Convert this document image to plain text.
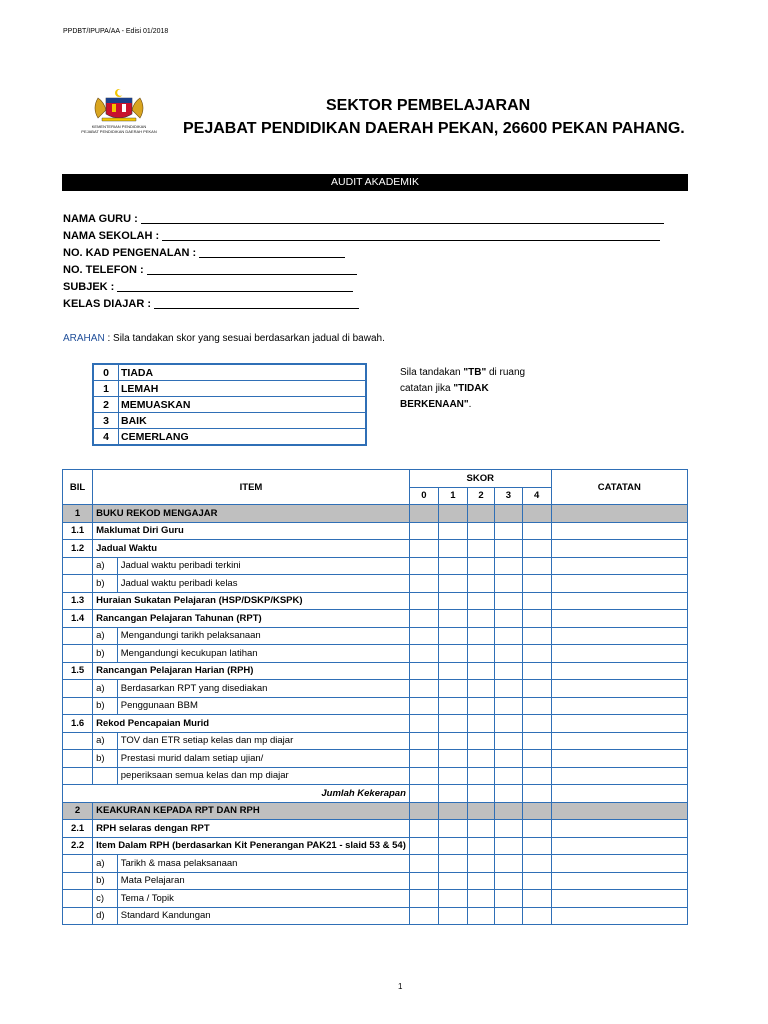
PPDBT/IPUPA/AA - Edisi 01/2018
KEMENTERIAN PENDIDIKAN
PEJABAT PENDIDIKAN DAERAH PEKAN
SEKTOR PEMBELAJARAN
PEJABAT PENDIDIKAN DAERAH PEKAN, 26600 PEKAN PAHANG.
AUDIT AKADEMIK
NAMA GURU :
NAMA SEKOLAH :
NO. KAD PENGENALAN :
NO. TELEFON :
SUBJEK :
KELAS DIAJAR :
ARAHAN : Sila tandakan skor yang sesuai berdasarkan jadual di bawah.
0	TIADA
1	LEMAH
2	MEMUASKAN
3	BAIK
4	CEMERLANG
Sila tandakan "TB" di ruang catatan jika "TIDAK BERKENAAN".
BIL	ITEM		SKOR					CATATAN
			0	1	2	3	4	
1	BUKU REKOD MENGAJAR							
1.1	Maklumat Diri Guru							
1.2	Jadual Waktu							
	a)	Jadual waktu peribadi terkini						
	b)	Jadual waktu peribadi kelas						
1.3	Huraian Sukatan Pelajaran (HSP/DSKP/KSPK)							
1.4	Rancangan Pelajaran Tahunan (RPT)							
	a)	Mengandungi tarikh pelaksanaan						
	b)	Mengandungi kecukupan latihan						
1.5	Rancangan Pelajaran Harian (RPH)							
	a)	Berdasarkan RPT yang disediakan						
	b)	Penggunaan BBM						
1.6	Rekod Pencapaian Murid							
	a)	TOV dan ETR setiap kelas dan mp diajar						
	b)	Prestasi murid dalam setiap ujian/						
		peperiksaan semua kelas dan mp diajar						
Jumlah Kekerapan								
2	KEAKURAN KEPADA RPT DAN RPH							
2.1	RPH selaras dengan RPT							
2.2	Item Dalam RPH (berdasarkan Kit Penerangan PAK21 - slaid 53 & 54)							
	a)	Tarikh & masa pelaksanaan						
	b)	Mata Pelajaran						
	c)	Tema / Topik						
	d)	Standard Kandungan						
1
